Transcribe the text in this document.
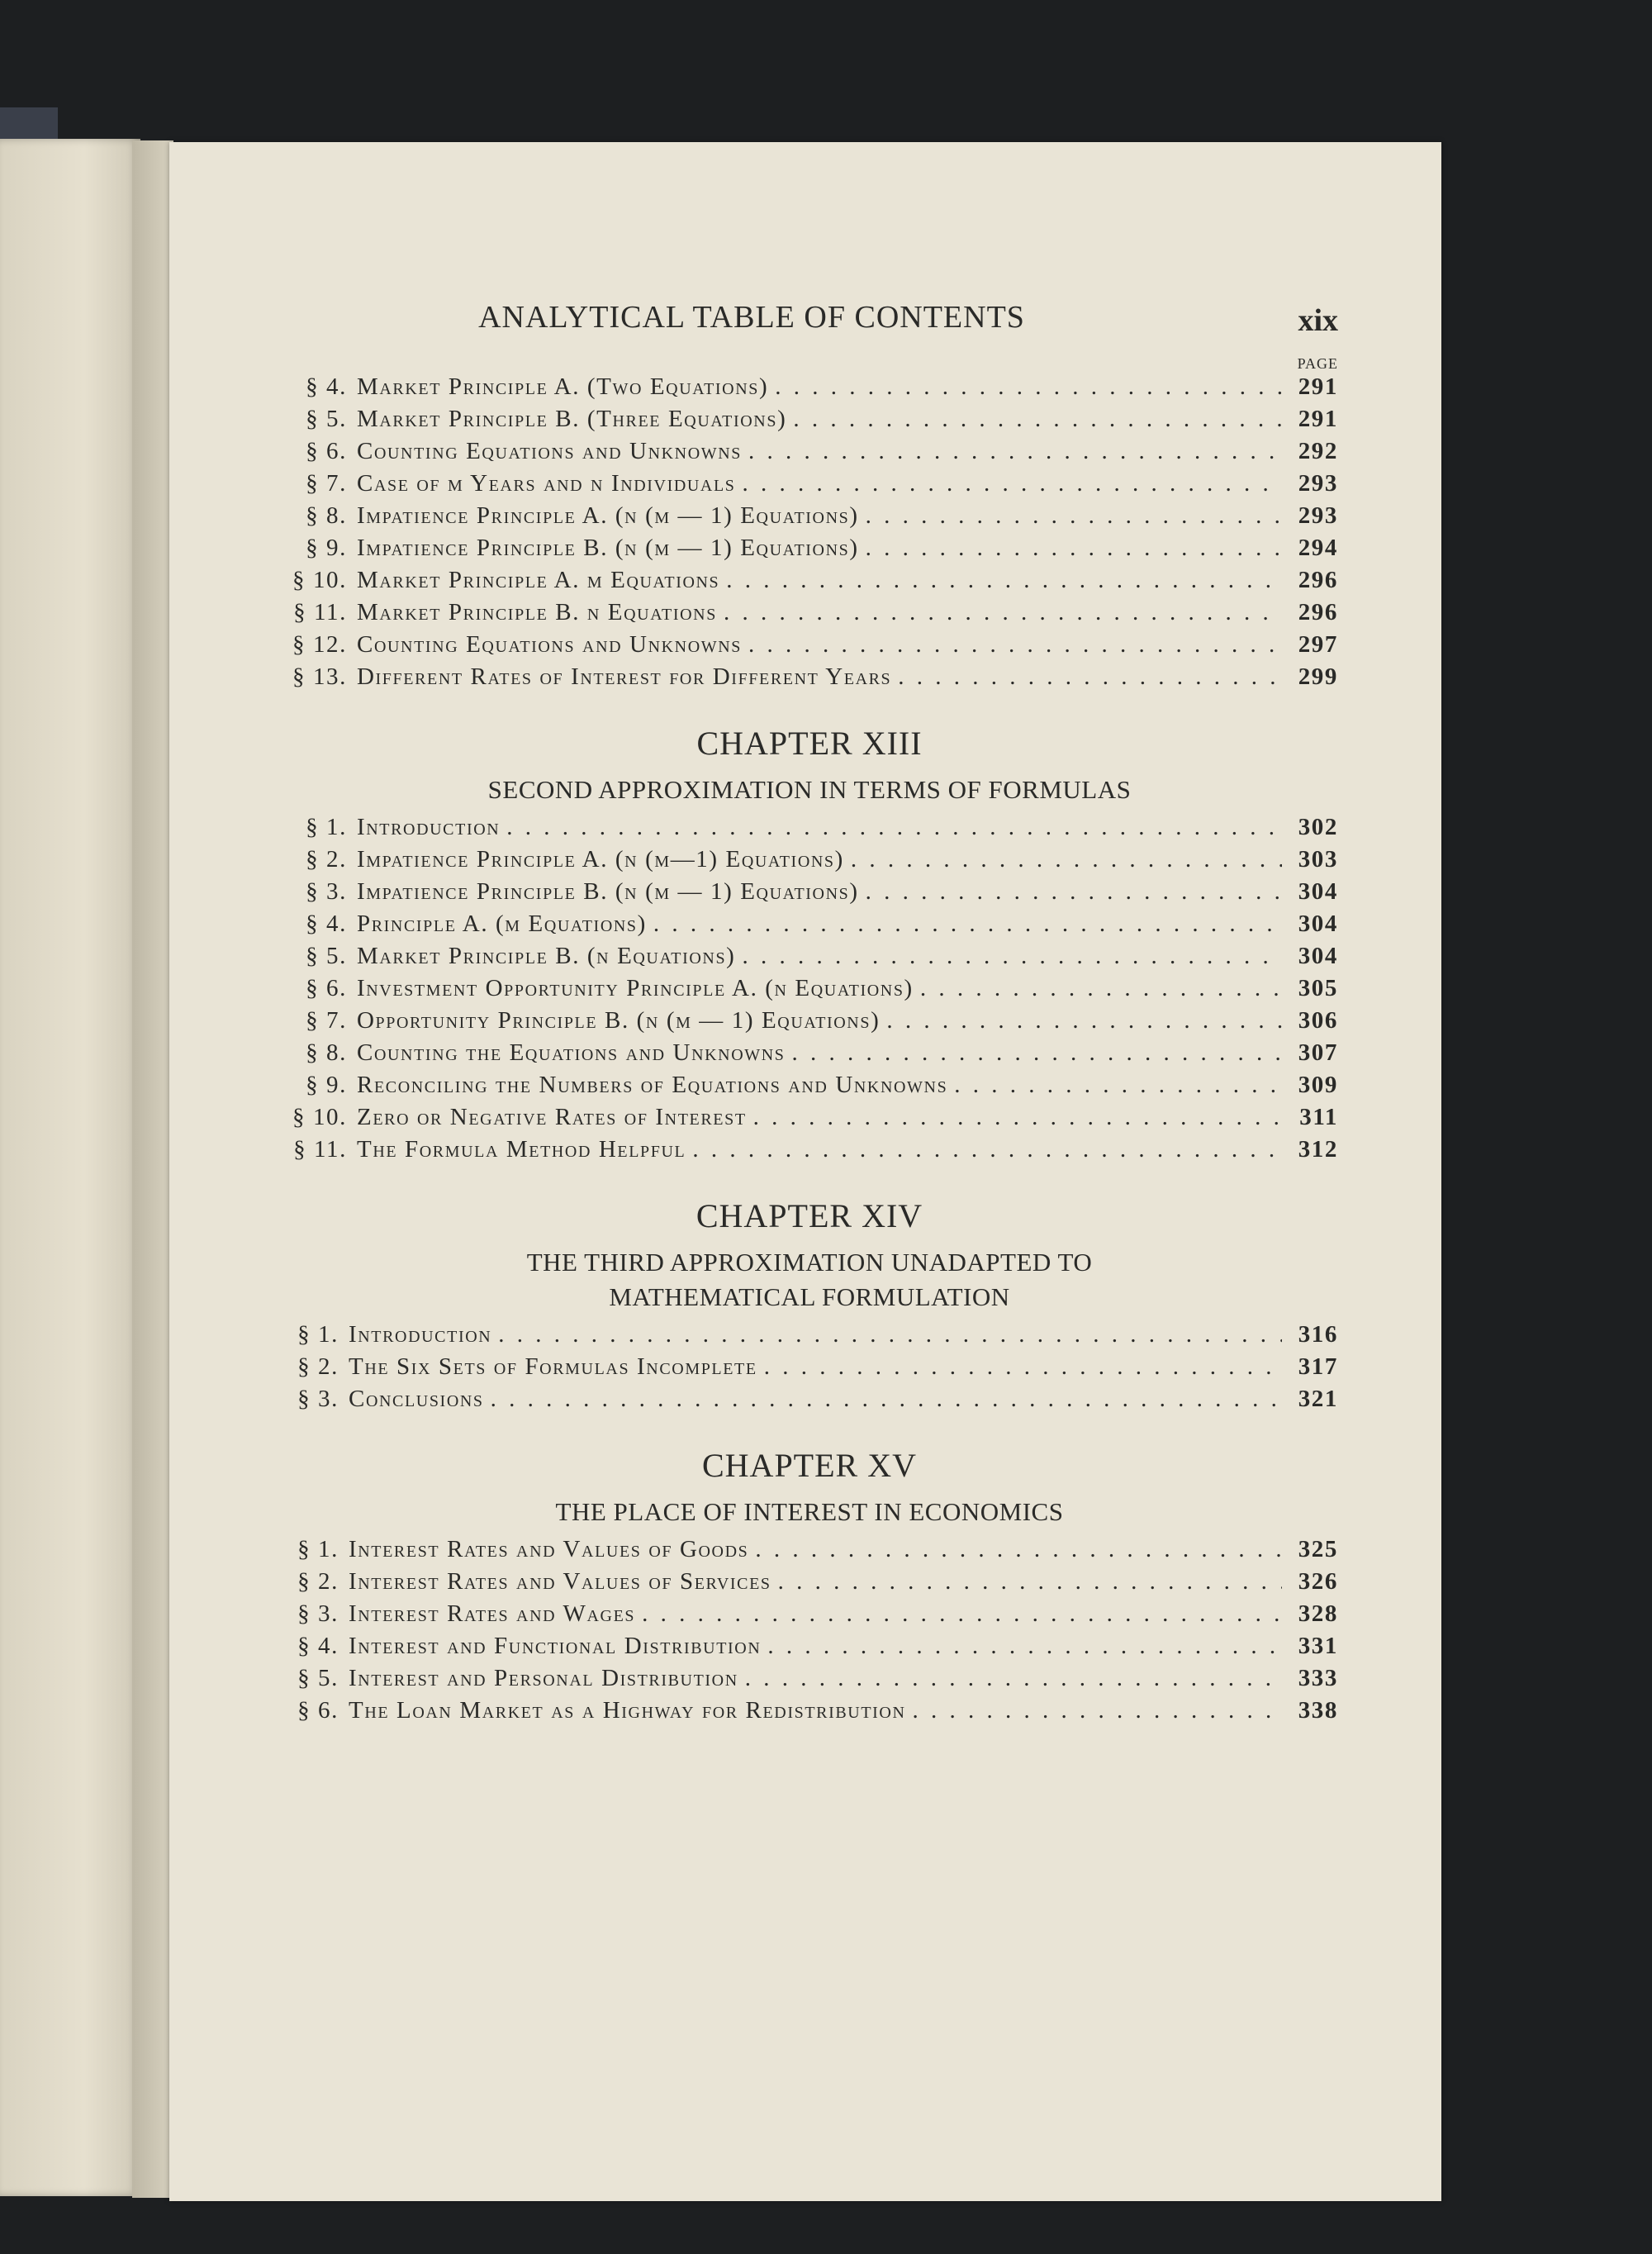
ANALYTICAL TABLE OF CONTENTS	xix
PAGE
§ 4. Market Principle A. (Two Equations) . . .	291
§ 5. Market Principle B. (Three Equations) . . .	291
§ 6. Counting Equations and Unknowns . . .	292
§ 7. Case of m Years and n Individuals . . .	293
§ 8. Impatience Principle A. (n (m — 1) Equations) . . .	293
§ 9. Impatience Principle B. (n (m — 1) Equations) . . .	294
§ 10. Market Principle A. m Equations . . .	296
§ 11. Market Principle B. n Equations . . .	296
§ 12. Counting Equations and Unknowns . . .	297
§ 13. Different Rates of Interest for Different Years . . .	299
CHAPTER XIII
SECOND APPROXIMATION IN TERMS OF FORMULAS
§ 1. Introduction . . .	302
§ 2. Impatience Principle A. (n (m—1) Equations) . . .	303
§ 3. Impatience Principle B. (n (m — 1) Equations) . . .	304
§ 4. Principle A. (m Equations) . . .	304
§ 5. Market Principle B. (n Equations) . . .	304
§ 6. Investment Opportunity Principle A. (n Equations) . . .	305
§ 7. Opportunity Principle B. (n (m — 1) Equations) . . .	306
§ 8. Counting the Equations and Unknowns . . .	307
§ 9. Reconciling the Numbers of Equations and Unknowns . . .	309
§ 10. Zero or Negative Rates of Interest . . .	311
§ 11. The Formula Method Helpful . . .	312
CHAPTER XIV
THE THIRD APPROXIMATION UNADAPTED TO
MATHEMATICAL FORMULATION
§ 1. Introduction . . .	316
§ 2. The Six Sets of Formulas Incomplete . . .	317
§ 3. Conclusions . . .	321
CHAPTER XV
THE PLACE OF INTEREST IN ECONOMICS
§ 1. Interest Rates and Values of Goods . . .	325
§ 2. Interest Rates and Values of Services . . .	326
§ 3. Interest Rates and Wages . . .	328
§ 4. Interest and Functional Distribution . . .	331
§ 5. Interest and Personal Distribution . . .	333
§ 6. The Loan Market as a Highway for Redistribution . . .	338
